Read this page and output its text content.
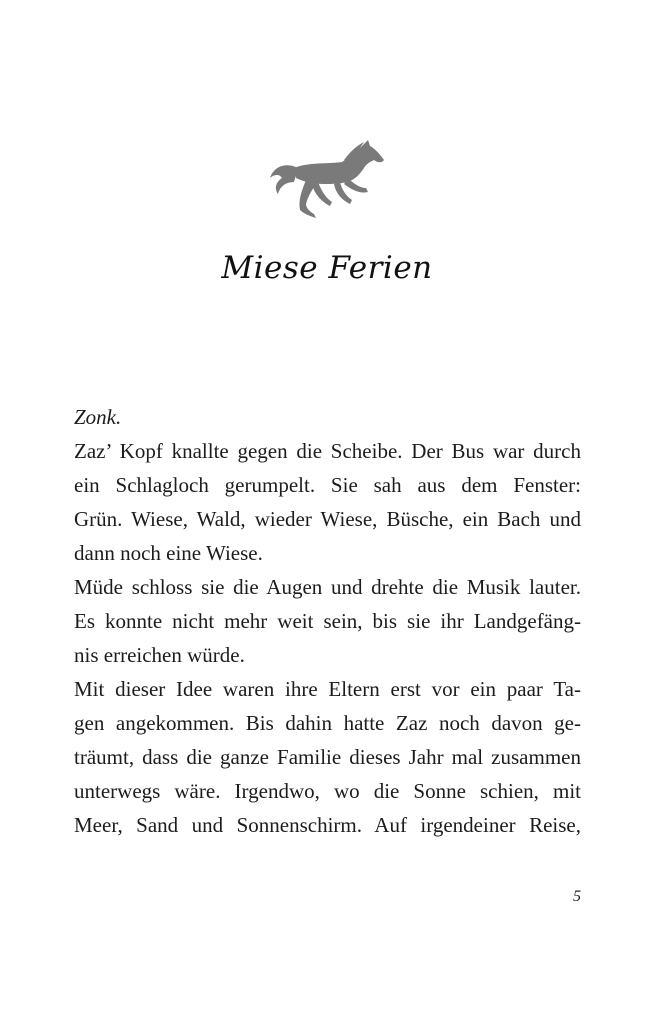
Miese Ferien
Zonk.
Zaz’ Kopf knallte gegen die Scheibe. Der Bus war durch
ein Schlagloch gerumpelt. Sie sah aus dem Fenster:
Grün. Wiese, Wald, wieder Wiese, Büsche, ein Bach und
dann noch eine Wiese.
Müde schloss sie die Augen und drehte die Musik lauter.
Es konnte nicht mehr weit sein, bis sie ihr Landgefäng-
nis erreichen würde.
Mit dieser Idee waren ihre Eltern erst vor ein paar Ta-
gen angekommen. Bis dahin hatte Zaz noch davon ge-
träumt, dass die ganze Familie dieses Jahr mal zusammen
unterwegs wäre. Irgendwo, wo die Sonne schien, mit
Meer, Sand und Sonnenschirm. Auf irgendeiner Reise,
5
